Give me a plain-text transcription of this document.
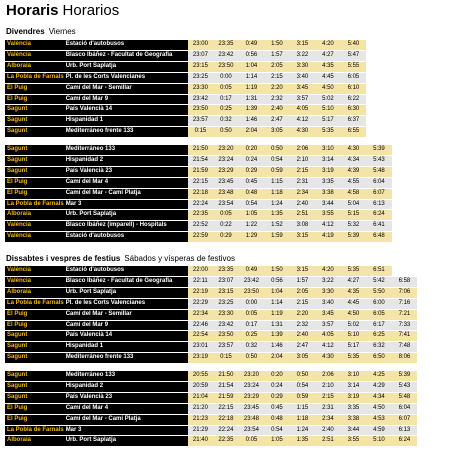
Horaris Horarios
Divendres Viernes
València	Estació d'autobusos	23:00	23:35	0:49	1:50	3:15	4:20	5:40		
València	Blasco Ibáñez - Facultat de Geografia	23:07	23:42	0:56	1:57	3:22	4:27	5:47		
Alboraia	Urb. Port Saplatja	23:15	23:50	1:04	2:05	3:30	4:35	5:55		
La Pobla de Farnals	Pl. de les Corts Valencianes	23:25	0:00	1:14	2:15	3:40	4:45	6:05		
El Puig	Camí del Mar - Semillar	23:30	0:05	1:19	2:20	3:45	4:50	6:10		
El Puig	Camí del Mar 9	23:42	0:17	1:31	2:32	3:57	5:02	6:22		
Sagunt	País Valencià 14	23:50	0:25	1:39	2:40	4:05	5:10	6:30		
Sagunt	Hispanidad 1	23:57	0:32	1:46	2:47	4:12	5:17	6:37		
Sagunt	Mediterráneo frente 133	0:15	0:50	2:04	3:05	4:30	5:35	6:55		
Sagunt	Mediterráneo 133	21:50	23:20	0:20	0:50	2:06	3:10	4:30	5:39	
Sagunt	Hispanidad 2	21:54	23:24	0:24	0:54	2:10	3:14	4:34	5:43	
Sagunt	País Valencià 23	21:59	23:29	0:29	0:59	2:15	3:19	4:39	5:48	
El Puig	Camí del Mar 4	22:15	23:45	0:45	1:15	2:31	3:35	4:55	6:04	
El Puig	Camí del Mar - Camí Platja	22:18	23:48	0:48	1:18	2:34	3:38	4:58	6:07	
La Pobla de Farnals	Mar 3	22:24	23:54	0:54	1:24	2:40	3:44	5:04	6:13	
Alboraia	Urb. Port Saplatja	22:35	0:05	1:05	1:35	2:51	3:55	5:15	6:24	
València	Blasco Ibáñez (imparell) - Hospitals	22:52	0:22	1:22	1:52	3:08	4:12	5:32	6:41	
València	Estació d'autobusos	22:59	0:29	1:29	1:59	3:15	4:19	5:39	6:48	
Dissabtes i vespres de festius Sábados y vísperas de festivos
València	Estació d'autobusos	22:00	23:35	0:49	1:50	3:15	4:20	5:35	6:51	
València	Blasco Ibáñez - Facultat de Geografia	22:11	23:07	23:42	0:56	1:57	3:22	4:27	5:42	6:58
Alboraia	Urb. Port Saplatja	22:19	23:15	23:50	1:04	2:05	3:30	4:35	5:50	7:06
La Pobla de Farnals	Pl. de les Corts Valencianes	22:29	23:25	0:00	1:14	2:15	3:40	4:45	6:00	7:16
El Puig	Camí del Mar - Semillar	22:34	23:30	0:05	1:19	2:20	3:45	4:50	6:05	7:21
El Puig	Camí del Mar 9	22:46	23:42	0:17	1:31	2:32	3:57	5:02	6:17	7:33
Sagunt	País Valencià 14	22:54	23:50	0:25	1:39	2:40	4:05	5:10	6:25	7:41
Sagunt	Hispanidad 1	23:01	23:57	0:32	1:46	2:47	4:12	5:17	6:32	7:48
Sagunt	Mediterráneo frente 133	23:19	0:15	0:50	2:04	3:05	4:30	5:35	6:50	8:06
Sagunt	Mediterráneo 133	20:55	21:50	23:20	0:20	0:50	2:06	3:10	4:25	5:39
Sagunt	Hispanidad 2	20:59	21:54	23:24	0:24	0:54	2:10	3:14	4:29	5:43
Sagunt	País Valencià 23	21:04	21:59	23:29	0:29	0:59	2:15	3:19	4:34	5:48
El Puig	Camí del Mar 4	21:20	22:15	23:45	0:45	1:15	2:31	3:35	4:50	6:04
El Puig	Camí del Mar - Camí Platja	21:23	22:18	23:48	0:48	1:18	2:34	3:38	4:53	6:07
La Pobla de Farnals	Mar 3	21:29	22:24	23:54	0:54	1:24	2:40	3:44	4:59	6:13
Alboraia	Urb. Port Saplatja	21:40	22:35	0:05	1:05	1:35	2:51	3:55	5:10	6:24
